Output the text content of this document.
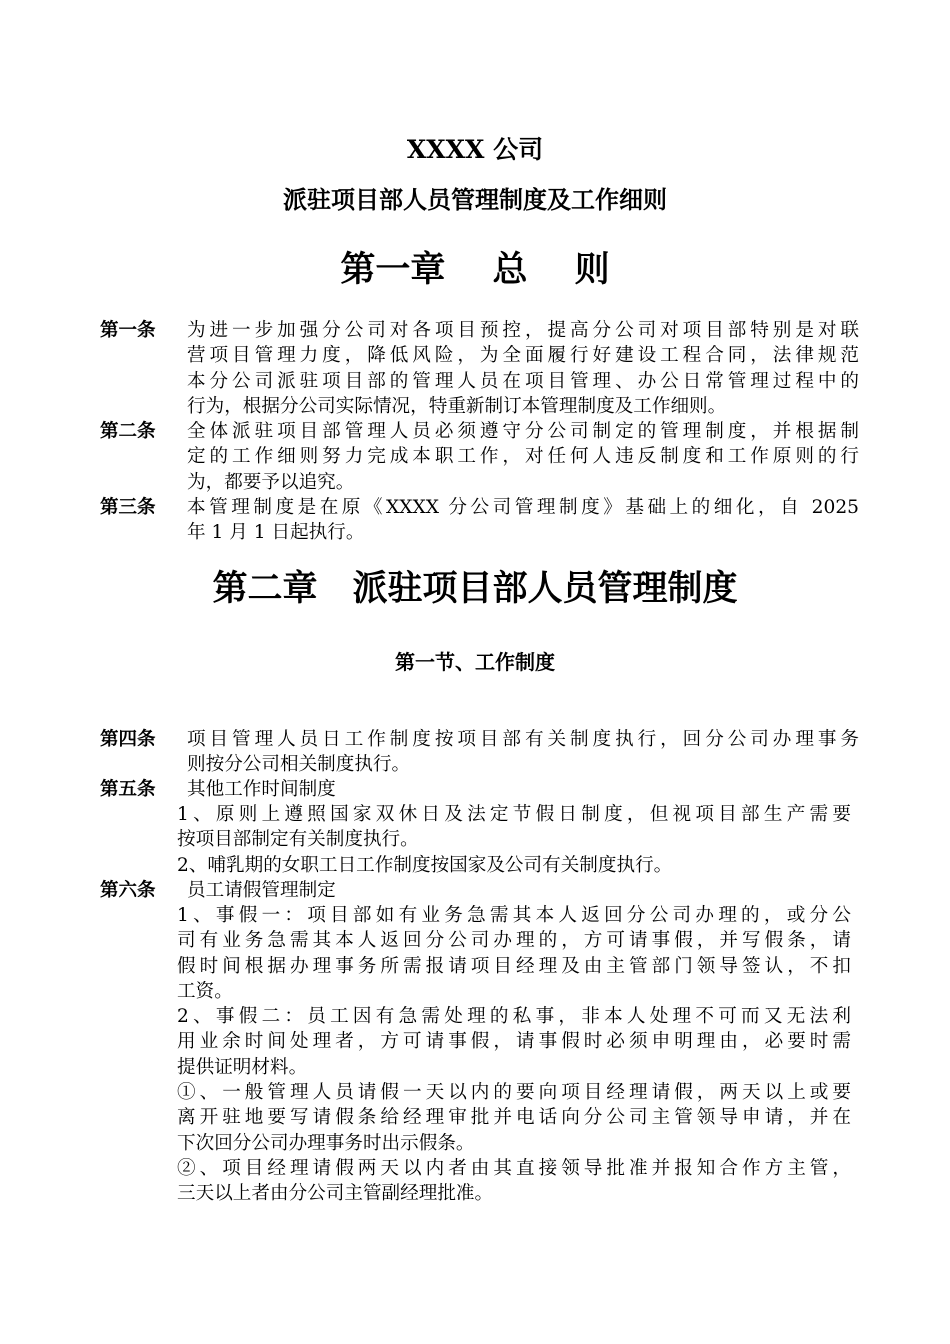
XXXX 公司
派驻项目部人员管理制度及工作细则
第一章　 总　 则
第一条 为进一步加强分公司对各项目预控，提高分公司对项目部特别是对联
营项目管理力度，降低风险，为全面履行好建设工程合同，法律规范
本分公司派驻项目部的管理人员在项目管理、办公日常管理过程中的
行为，根据分公司实际情况，特重新制订本管理制度及工作细则。
第二条 全体派驻项目部管理人员必须遵守分公司制定的管理制度，并根据制
定的工作细则努力完成本职工作，对任何人违反制度和工作原则的行
为，都要予以追究。
第三条 本管理制度是在原《XXXX 分公司管理制度》基础上的细化，自 2025
年 1 月 1 日起执行。
第二章　派驻项目部人员管理制度
第一节、工作制度
第四条 项目管理人员日工作制度按项目部有关制度执行，回分公司办理事务
则按分公司相关制度执行。
第五条 其他工作时间制度
1、原则上遵照国家双休日及法定节假日制度，但视项目部生产需要
按项目部制定有关制度执行。
2、哺乳期的女职工日工作制度按国家及公司有关制度执行。
第六条 员工请假管理制定
1、事假一：项目部如有业务急需其本人返回分公司办理的，或分公
司有业务急需其本人返回分公司办理的，方可请事假，并写假条，请
假时间根据办理事务所需报请项目经理及由主管部门领导签认，不扣
工资。
2、事假二：员工因有急需处理的私事，非本人处理不可而又无法利
用业余时间处理者，方可请事假，请事假时必须申明理由，必要时需
提供证明材料。
①、一般管理人员请假一天以内的要向项目经理请假，两天以上或要
离开驻地要写请假条给经理审批并电话向分公司主管领导申请，并在
下次回分公司办理事务时出示假条。
②、项目经理请假两天以内者由其直接领导批准并报知合作方主管，
三天以上者由分公司主管副经理批准。
